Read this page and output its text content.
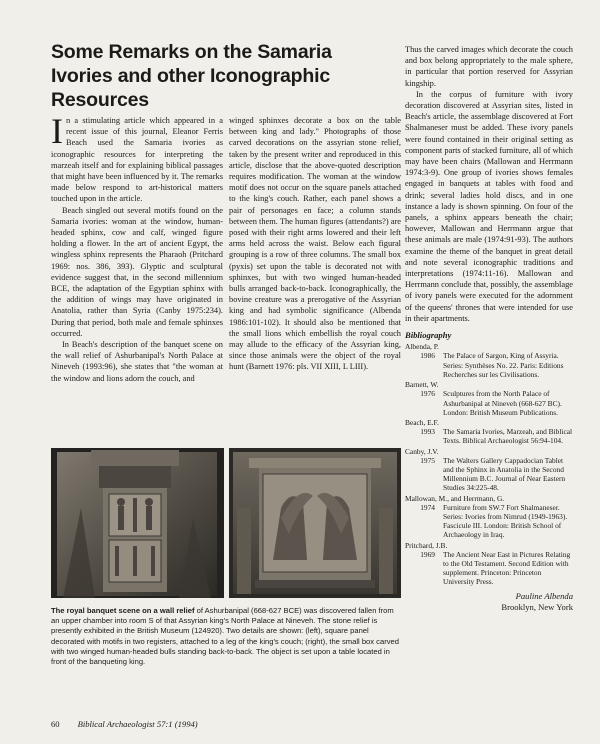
Some Remarks on the Samaria Ivories and other Iconographic Resources

In a stimulating article which appeared in a recent issue of this journal, Eleanor Ferris Beach used the Samaria ivories as iconographic resources for interpreting the marzeah itself and for explaining biblical passages that might have been influenced by it. The remarks made below respond to art-historical matters touched upon in the article.

Beach singled out several motifs found on the Samaria ivories: woman at the window, human-headed sphinx, cow and calf, winged figure holding a flower. In the art of ancient Egypt, the wingless sphinx represents the Pharaoh (Pritchard 1969: nos. 386, 393). Glyptic and sculptural evidence suggest that, in the second millennium BCE, the adaptation of the Egyptian sphinx with the addition of wings may have originated in Anatolia, rather than Syria (Canby 1975:234). During that period, both male and female sphinxes occurred.

In Beach's description of the banquet scene on the wall relief of Ashurbanipal's North Palace at Nineveh (1993:96), she states that "the woman at the window and lions adorn the couch, and

winged sphinxes decorate a box on the table between king and lady." Photographs of those carved decorations on the assyrian stone relief, taken by the present writer and reproduced in this article, disclose that the above-quoted description requires modification. The woman at the window motif does not occur on the square panels attached to the king's couch. Rather, each panel shows a pair of personages en face; a column stands between them. The human figures (attendants?) are posed with their right arms lowered and their left arms held across the waist. Below each figural grouping is a row of three columns. The small box (pyxis) set upon the table is decorated not with sphinxes, but with two winged human-headed bulls arranged back-to-back. Iconographically, the bovine creature was a prerogative of the Assyrian king and had symbolic significance (Albenda 1986:101-102). It should also be mentioned that the small lions which embellish the royal couch may allude to the efficacy of the Assyrian king, since those animals were the object of the royal hunt (Barnett 1976: pls. VII XIII, L LIII).

Thus the carved images which decorate the couch and box belong appropriately to the male sphere, in particular that portion reserved for Assyrian kingship.

In the corpus of furniture with ivory decoration discovered at Assyrian sites, listed in Beach's article, the assemblage discovered at Fort Shalmaneser must be added. These ivory panels were found contained in their original setting as component parts of stacked furniture, all of which may have been chairs (Mallowan and Herrmann 1974:3-9). One group of ivories shows females engaged in banquets at tables with food and drink; several ladies hold discs, and in one instance a lady is shown spinning. On four of the panels, a sphinx appears beneath the chair; however, Mallowan and Herrmann argue that these animals are male (1974:91-93). The authors examine the theme of the banquet in great detail and note several iconographic traditions and interpretations (1974:11-16). Mallowan and Herrmann conclude that, possibly, the assemblage of ivory panels were executed for the adornment of the queens' thrones that were intended for use in their apartments.

Bibliography
Albenda, P.
1986	The Palace of Sargon, King of Assyria. Series: Synthèses No. 22. Paris: Editions Recherches sur les Civilisations.
Barnett, W.
1976	Sculptures from the North Palace of Ashurbanipal at Nineveh (668-627 BC). London: British Museum Publications.
Beach, E.F.
1993	The Samaria Ivories, Marzeah, and Biblical Texts. Biblical Archaeologist 56:94-104.
Canby, J.V.
1975	The Walters Gallery Cappadocian Tablet and the Sphinx in Anatolia in the Second Millennium B.C. Journal of Near Eastern Studies 34:225-48.
Mallowan, M., and Herrmann, G.
1974	Furniture from SW.7 Fort Shalmaneser. Series: Ivories from Nimrud (1949-1963). Fascicule III. London: British School of Archaeology in Iraq.
Pritchard, J.B.
1969	The Ancient Near East in Pictures Relating to the Old Testament. Second Edition with supplement. Princeton: Princeton University Press.
Pauline Albenda
Brooklyn, New York
The royal banquet scene on a wall relief of Ashurbanipal (668-627 BCE) was discovered fallen from an upper chamber into room S of that Assyrian king's North Palace at Nineveh. The stone relief is presently exhibited in the British Museum (124920). Two details are shown: (left), square panel decorated with motifs in two registers, attached to a leg of the king's couch; (right), the small box carved with two winged human-headed bulls standing back-to-back. The object is set upon a table located in front of the banqueting king.
60 Biblical Archaeologist 57:1 (1994)
